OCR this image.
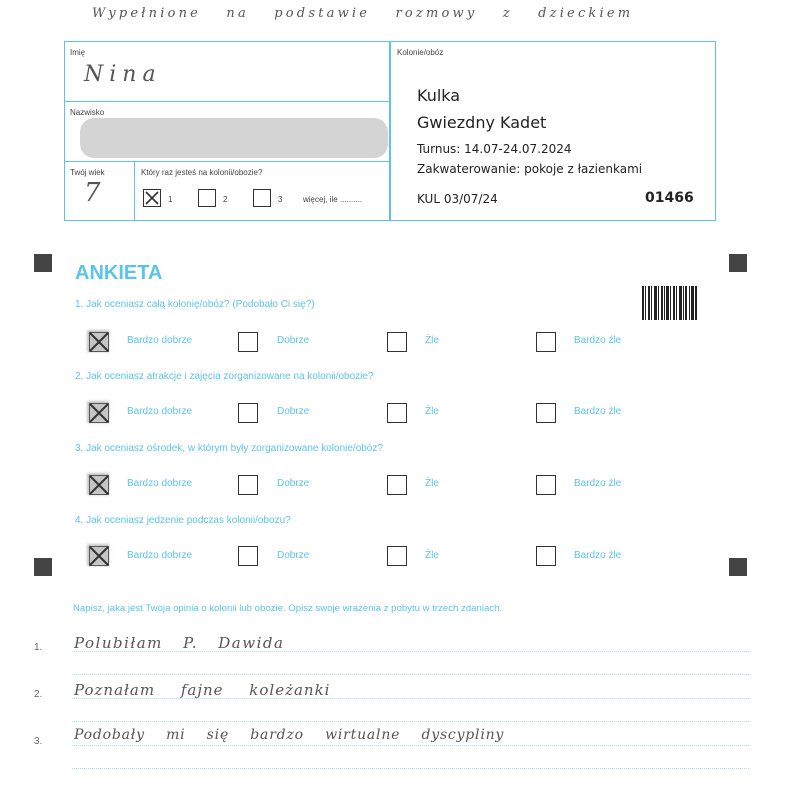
Wypełnione na podstawie rozmowy z dzieckiem
Imię
Nina
Nazwisko
Twój wiek
7
Który raz jesteś na kolonii/obozie?
1	2	3	więcej, ile ..........
Kolonie/obóz
Kulka
Gwiezdny Kadet
Turnus: 14.07-24.07.2024
Zakwaterowanie: pokoje z łazienkami
KUL 03/07/24	01466
ANKIETA
1. Jak oceniasz całą kolonię/obóz? (Podobało Ci się?)
Bardzo dobrze	Dobrze	Źle	Bardzo źle
2. Jak oceniasz atrakcje i zajęcia zorganizowane na kolonii/obozie?
Bardzo dobrze	Dobrze	Źle	Bardzo źle
3. Jak oceniasz ośrodek, w którym były zorganizowane kolonie/obóz?
Bardzo dobrze	Dobrze	Źle	Bardzo źle
4. Jak oceniasz jedzenie podczas kolonii/obozu?
Bardzo dobrze	Dobrze	Źle	Bardzo źle
Napisz, jaka jest Twoja opinia o kolonii lub obozie. Opisz swoje wrażenia z pobytu w trzech zdaniach.
1. Polubiłam P. Dawida
2. Poznałam fajne koleżanki
3. Podobały mi się bardzo wirtualne dyscypliny
